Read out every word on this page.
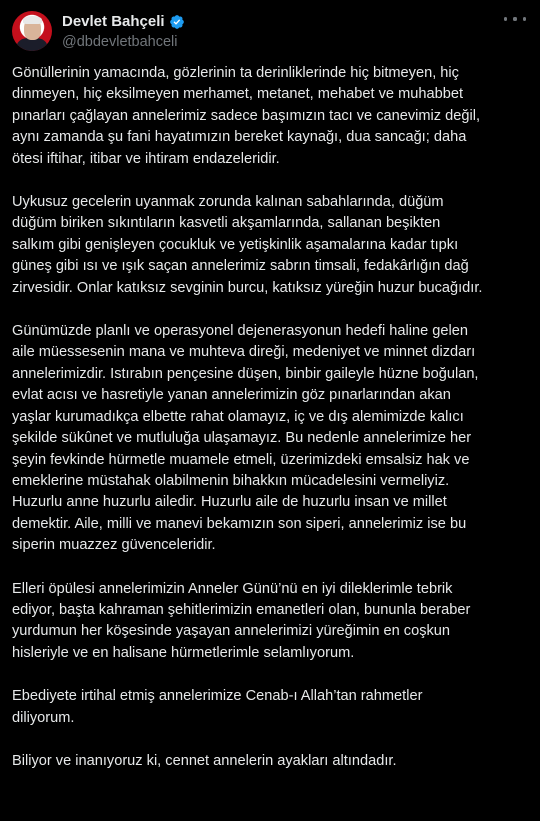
Devlet Bahçeli
@dbdevletbahceli

Gönüllerinin yamacında, gözlerinin ta derinliklerinde hiç bitmeyen, hiç
dinmeyen, hiç eksilmeyen merhamet, metanet, mehabet ve muhabbet
pınarları çağlayan annelerimiz sadece başımızın tacı ve canevimiz değil,
aynı zamanda şu fani hayatımızın bereket kaynağı, dua sancağı; daha
ötesi iftihar, itibar ve ihtiram endazeleridir.

Uykusuz gecelerin uyanmak zorunda kalınan sabahlarında, düğüm
düğüm biriken sıkıntıların kasvetli akşamlarında, sallanan beşikten
salkım gibi genişleyen çocukluk ve yetişkinlik aşamalarına kadar tıpkı
güneş gibi ısı ve ışık saçan annelerimiz sabrın timsali, fedakârlığın dağ
zirvesidir. Onlar katıksız sevginin burcu, katıksız yüreğin huzur bucağıdır.

Günümüzde planlı ve operasyonel dejenerasyonun hedefi haline gelen
aile müessesenin mana ve muhteva direği, medeniyet ve minnet dizdarı
annelerimizdir. Istırabın pençesine düşen, binbir gaileyle hüzne boğulan,
evlat acısı ve hasretiyle yanan annelerimizin göz pınarlarından akan
yaşlar kurumadıkça elbette rahat olamayız, iç ve dış alemimizde kalıcı
şekilde sükûnet ve mutluluğa ulaşamayız. Bu nedenle annelerimize her
şeyin fevkinde hürmetle muamele etmeli, üzerimizdeki emsalsiz hak ve
emeklerine müstahak olabilmenin bihakkın mücadelesini vermeliyiz.
Huzurlu anne huzurlu ailedir. Huzurlu aile de huzurlu insan ve millet
demektir. Aile, milli ve manevi bekamızın son siperi, annelerimiz ise bu
siperin muazzez güvenceleridir.

Elleri öpülesi annelerimizin Anneler Günü’nü en iyi dileklerimle tebrik
ediyor, başta kahraman şehitlerimizin emanetleri olan, bununla beraber
yurdumun her köşesinde yaşayan annelerimizi yüreğimin en coşkun
hisleriyle ve en halisane hürmetlerimle selamlıyorum.

Ebediyete irtihal etmiş annelerimize Cenab-ı Allah’tan rahmetler
diliyorum.

Biliyor ve inanıyoruz ki, cennet annelerin ayakları altındadır.
